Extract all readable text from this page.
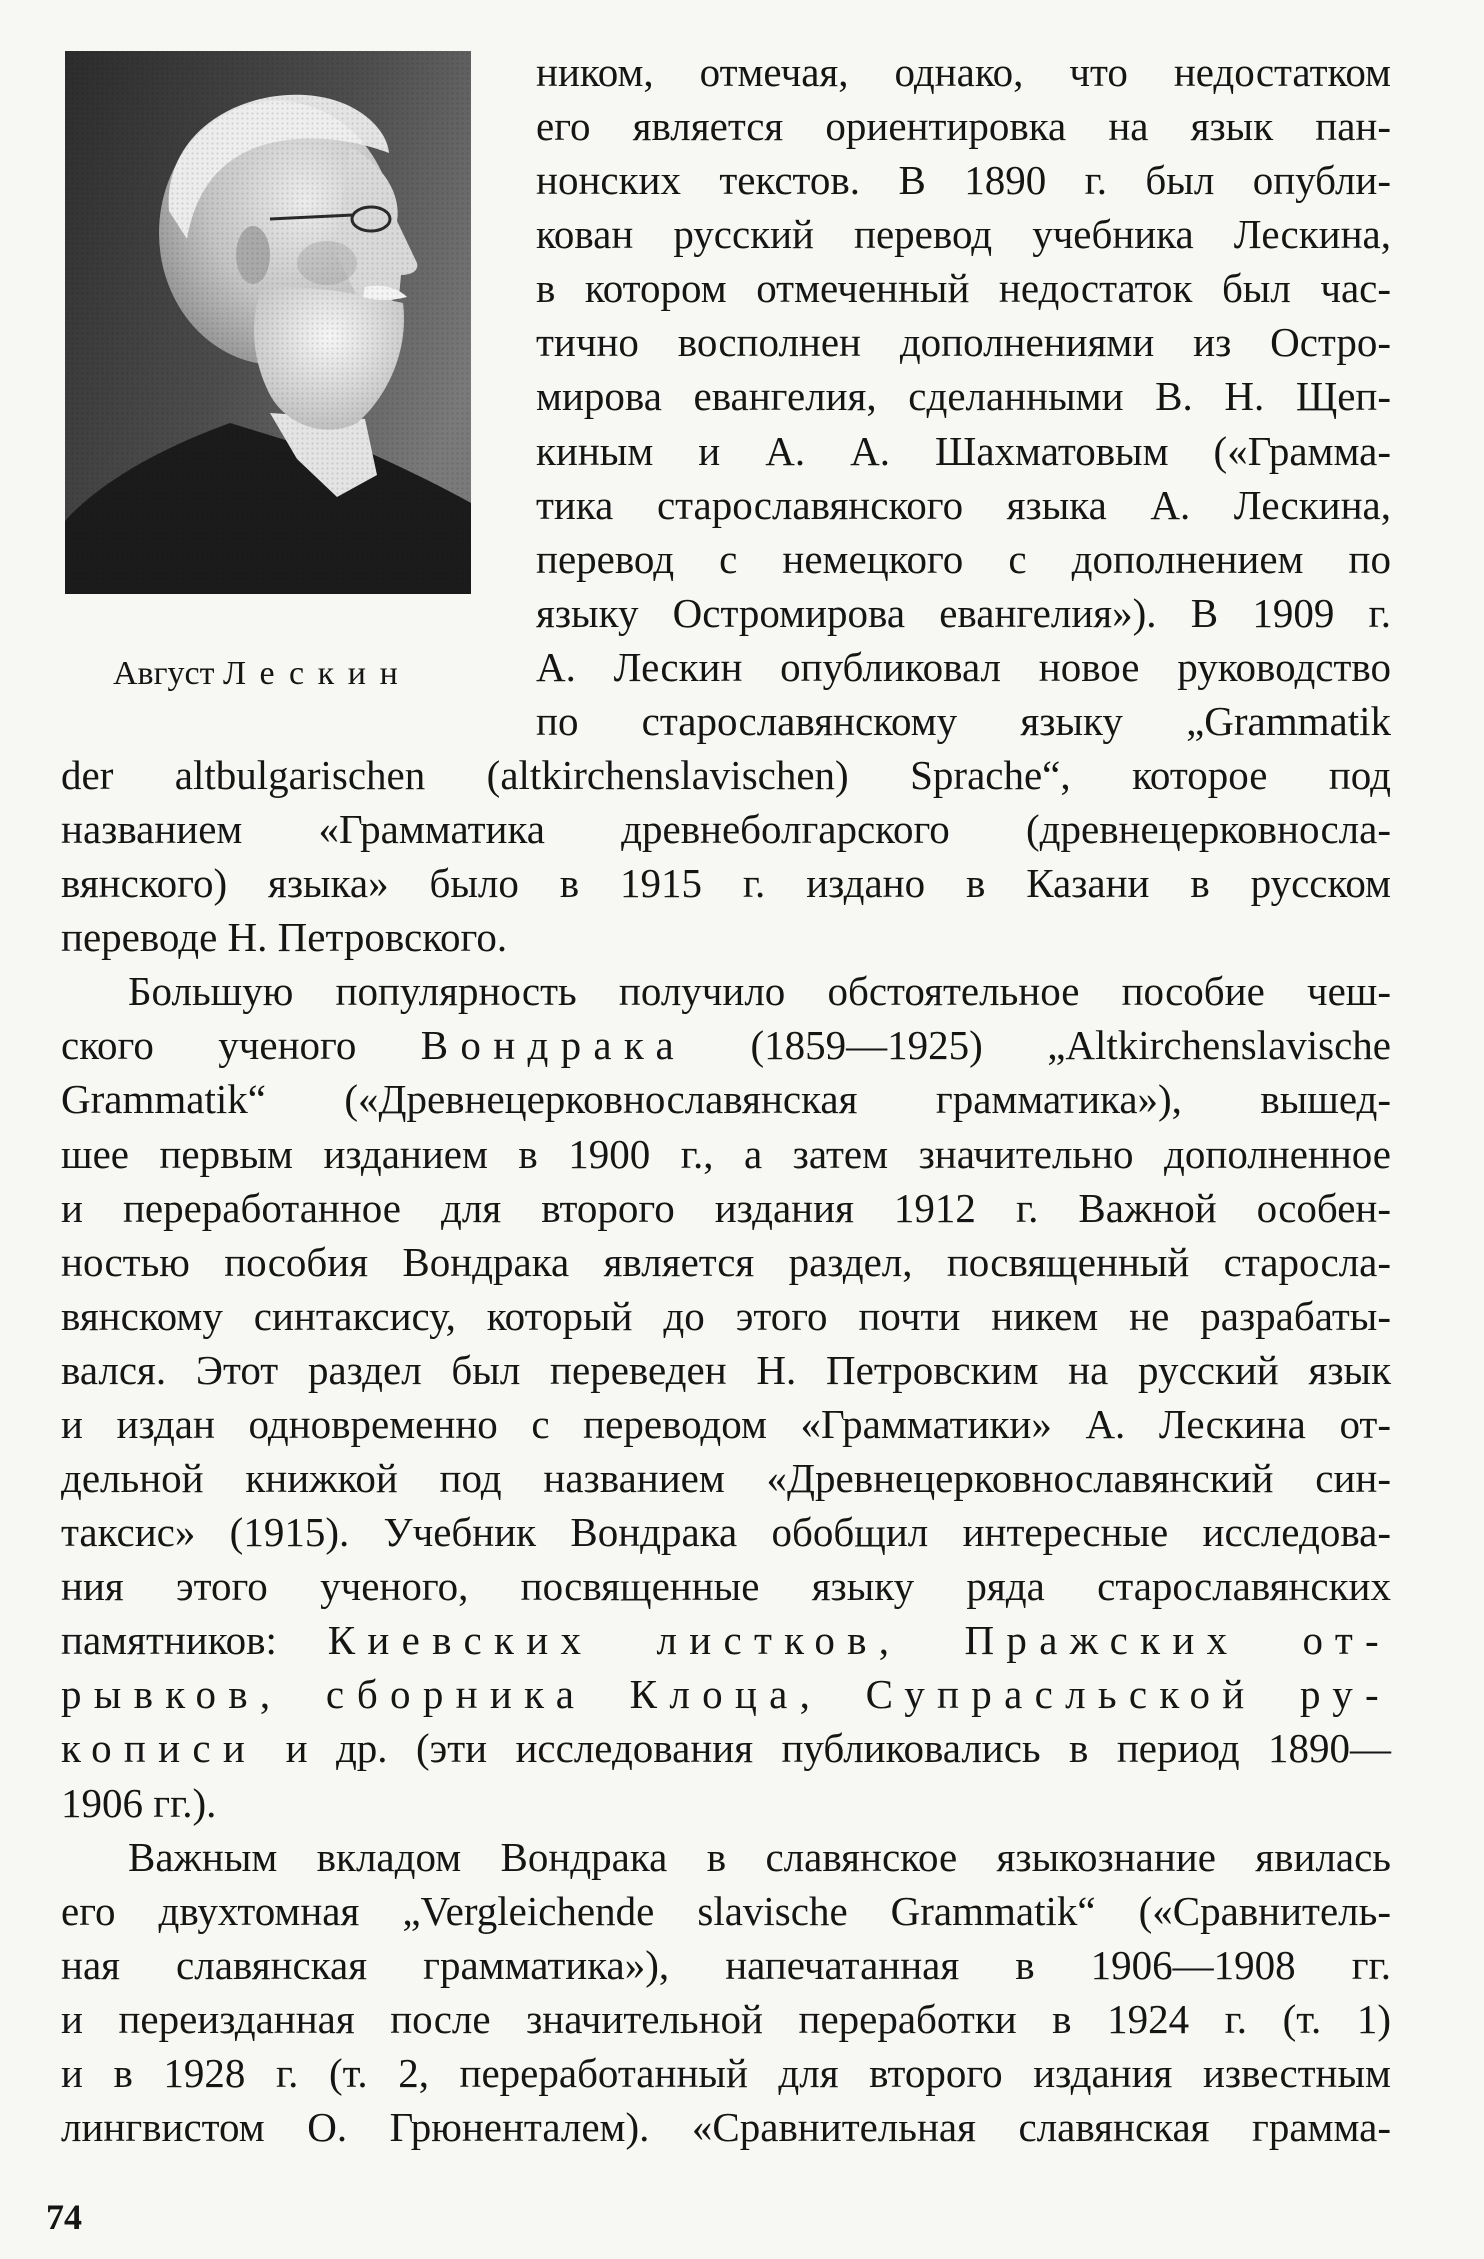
Август Лескин
ником, отмечая, однако, что недостатком
его является ориентировка на язык пан-
нонских текстов. В 1890 г. был опубли-
кован русский перевод учебника Лескина,
в котором отмеченный недостаток был час-
тично восполнен дополнениями из Остро-
мирова евангелия, сделанными В. Н. Щеп-
киным и А. А. Шахматовым («Грамма-
тика старославянского языка А. Лескина,
перевод с немецкого с дополнением по
языку Остромирова евангелия»). В 1909 г.
А. Лескин опубликовал новое руководство
по старославянскому языку „Grammatik
der altbulgarischen (altkirchenslavischen) Sprache“, которое под
названием «Грамматика древнеболгарского (древнецерковносла-
вянского) языка» было в 1915 г. издано в Казани в русском
переводе Н. Петровского.
Большую популярность получило обстоятельное пособие чеш-
ского ученого Вондрака (1859—1925) „Altkirchenslavische
Grammatik“ («Древнецерковнославянская грамматика»), вышед-
шее первым изданием в 1900 г., а затем значительно дополненное
и переработанное для второго издания 1912 г. Важной особен-
ностью пособия Вондрака является раздел, посвященный старосла-
вянскому синтаксису, который до этого почти никем не разрабаты-
вался. Этот раздел был переведен Н. Петровским на русский язык
и издан одновременно с переводом «Грамматики» А. Лескина от-
дельной книжкой под названием «Древнецерковнославянский син-
таксис» (1915). Учебник Вондрака обобщил интересные исследова-
ния этого ученого, посвященные языку ряда старославянских
памятников: Киевских листков, Пражских от-
рывков, сборника Клоца, Супрасльской ру-
кописи и др. (эти исследования публиковались в период 1890—
1906 гг.).
Важным вкладом Вондрака в славянское языкознание явилась
его двухтомная „Vergleichende slavische Grammatik“ («Сравнитель-
ная славянская грамматика»), напечатанная в 1906—1908 гг.
и переизданная после значительной переработки в 1924 г. (т. 1)
и в 1928 г. (т. 2, переработанный для второго издания известным
лингвистом О. Грюненталем). «Сравнительная славянская грамма-
74
